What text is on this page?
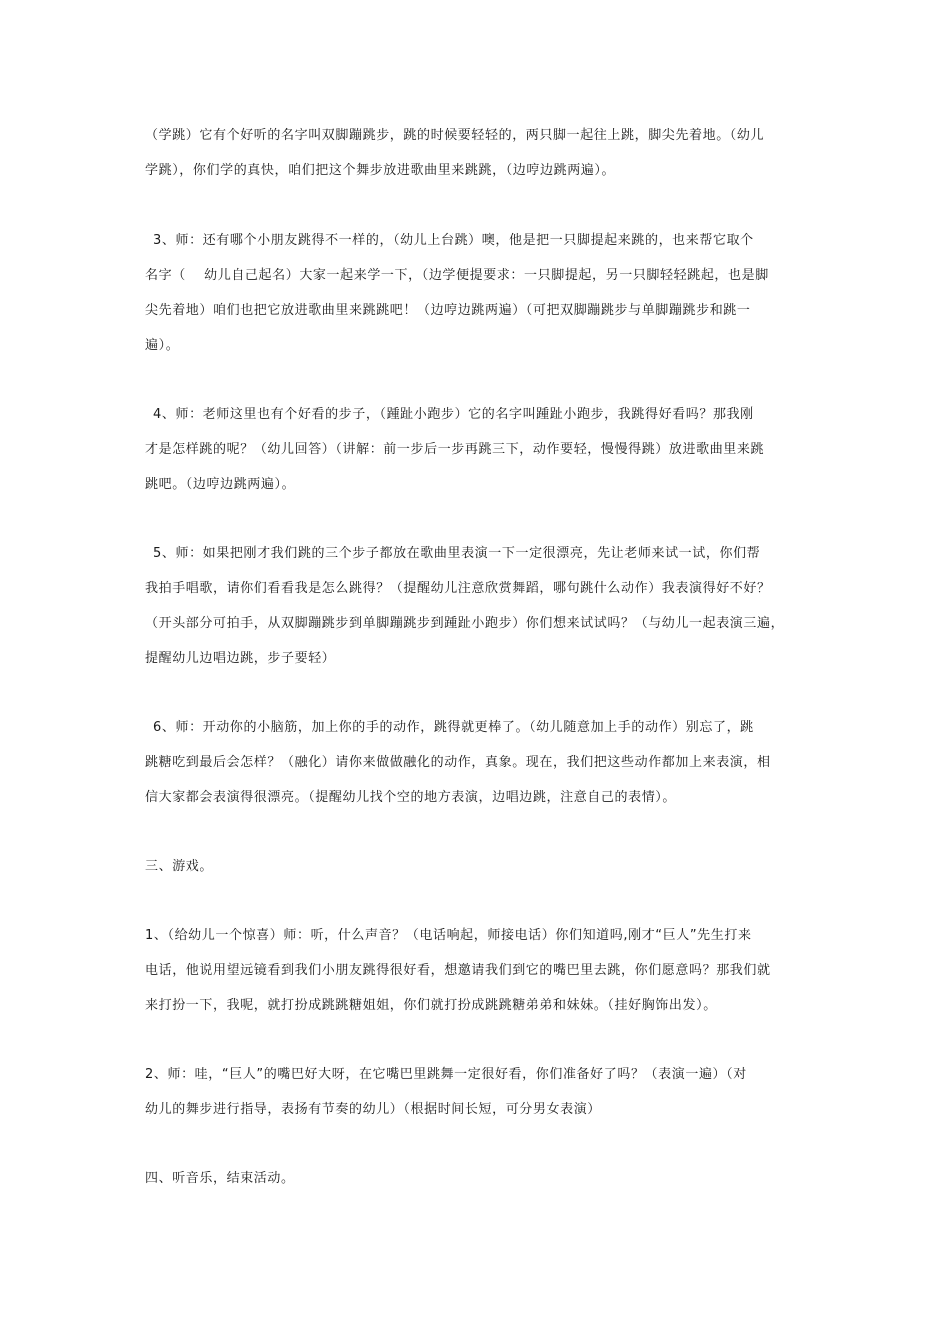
（学跳）它有个好听的名字叫双脚蹦跳步，跳的时候要轻轻的，两只脚一起往上跳，脚尖先着地。（幼儿
学跳），你们学的真快，咱们把这个舞步放进歌曲里来跳跳，（边哼边跳两遍）。
3、师：还有哪个小朋友跳得不一样的，（幼儿上台跳）噢，他是把一只脚提起来跳的，也来帮它取个
名字（　 幼儿自己起名）大家一起来学一下，（边学便提要求：一只脚提起，另一只脚轻轻跳起，也是脚
尖先着地）咱们也把它放进歌曲里来跳跳吧！（边哼边跳两遍）（可把双脚蹦跳步与单脚蹦跳步和跳一
遍）。
4、师：老师这里也有个好看的步子，（踵趾小跑步）它的名字叫踵趾小跑步，我跳得好看吗？那我刚
才是怎样跳的呢？（幼儿回答）（讲解：前一步后一步再跳三下，动作要轻，慢慢得跳）放进歌曲里来跳
跳吧。（边哼边跳两遍）。
5、师：如果把刚才我们跳的三个步子都放在歌曲里表演一下一定很漂亮，先让老师来试一试，你们帮
我拍手唱歌，请你们看看我是怎么跳得？（提醒幼儿注意欣赏舞蹈，哪句跳什么动作）我表演得好不好？
（开头部分可拍手，从双脚蹦跳步到单脚蹦跳步到踵趾小跑步）你们想来试试吗？（与幼儿一起表演三遍，
提醒幼儿边唱边跳，步子要轻）
6、师：开动你的小脑筋，加上你的手的动作，跳得就更棒了。（幼儿随意加上手的动作）别忘了，跳
跳糖吃到最后会怎样？（融化）请你来做做融化的动作，真象。现在，我们把这些动作都加上来表演，相
信大家都会表演得很漂亮。（提醒幼儿找个空的地方表演，边唱边跳，注意自己的表情）。
三、游戏。
1、（给幼儿一个惊喜）师：听，什么声音？（电话响起，师接电话）你们知道吗,刚才“巨人”先生打来
电话，他说用望远镜看到我们小朋友跳得很好看，想邀请我们到它的嘴巴里去跳，你们愿意吗？那我们就
来打扮一下，我呢，就打扮成跳跳糖姐姐，你们就打扮成跳跳糖弟弟和妹妹。（挂好胸饰出发）。
2、师：哇，“巨人”的嘴巴好大呀，在它嘴巴里跳舞一定很好看，你们准备好了吗？（表演一遍）（对
幼儿的舞步进行指导，表扬有节奏的幼儿）（根据时间长短，可分男女表演）
四、听音乐，结束活动。
